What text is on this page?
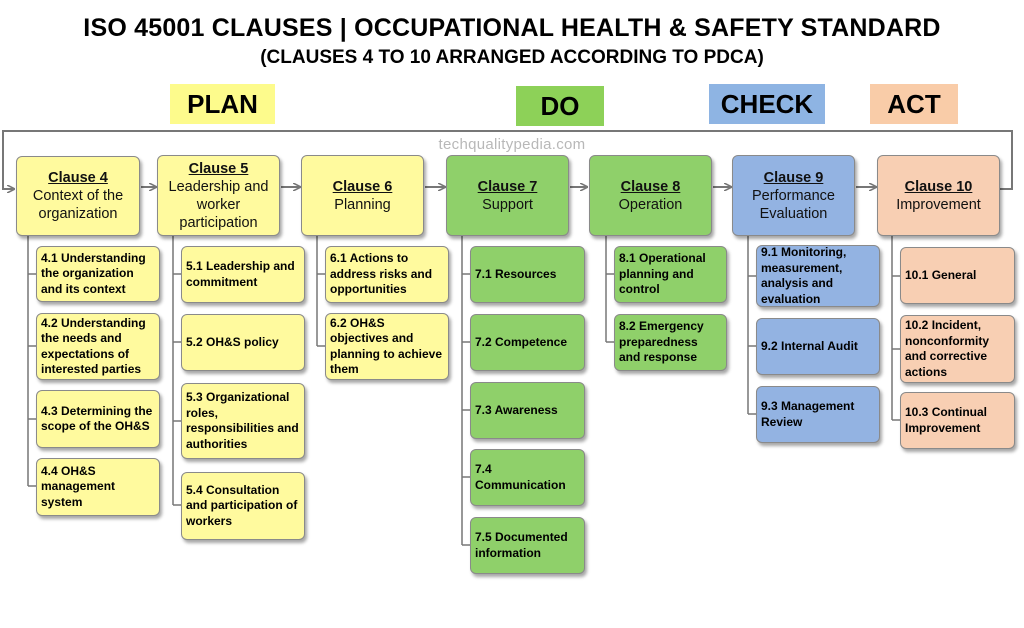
ISO 45001 CLAUSES | OCCUPATIONAL HEALTH & SAFETY STANDARD
(CLAUSES 4 TO 10 ARRANGED ACCORDING TO PDCA)
PLAN	DO	CHECK	ACT
techqualitypedia.com
Clause 4
Context of the organization
Clause 5
Leadership and worker participation
Clause 6
Planning
Clause 7
Support
Clause 8
Operation
Clause 9
Performance Evaluation
Clause 10
Improvement
4.1 Understanding the organization and its context
4.2 Understanding the needs and expectations of interested parties
4.3 Determining the scope of the OH&S
4.4 OH&S management system
5.1 Leadership and commitment
5.2 OH&S policy
5.3 Organizational roles, responsibilities and authorities
5.4 Consultation and participation of workers
6.1 Actions to address risks and opportunities
6.2 OH&S objectives and planning to achieve them
7.1 Resources
7.2 Competence
7.3 Awareness
7.4 Communication
7.5 Documented information
8.1 Operational planning and control
8.2 Emergency preparedness and response
9.1 Monitoring, measurement, analysis and evaluation
9.2 Internal Audit
9.3 Management Review
10.1 General
10.2 Incident, nonconformity and corrective actions
10.3 Continual Improvement
